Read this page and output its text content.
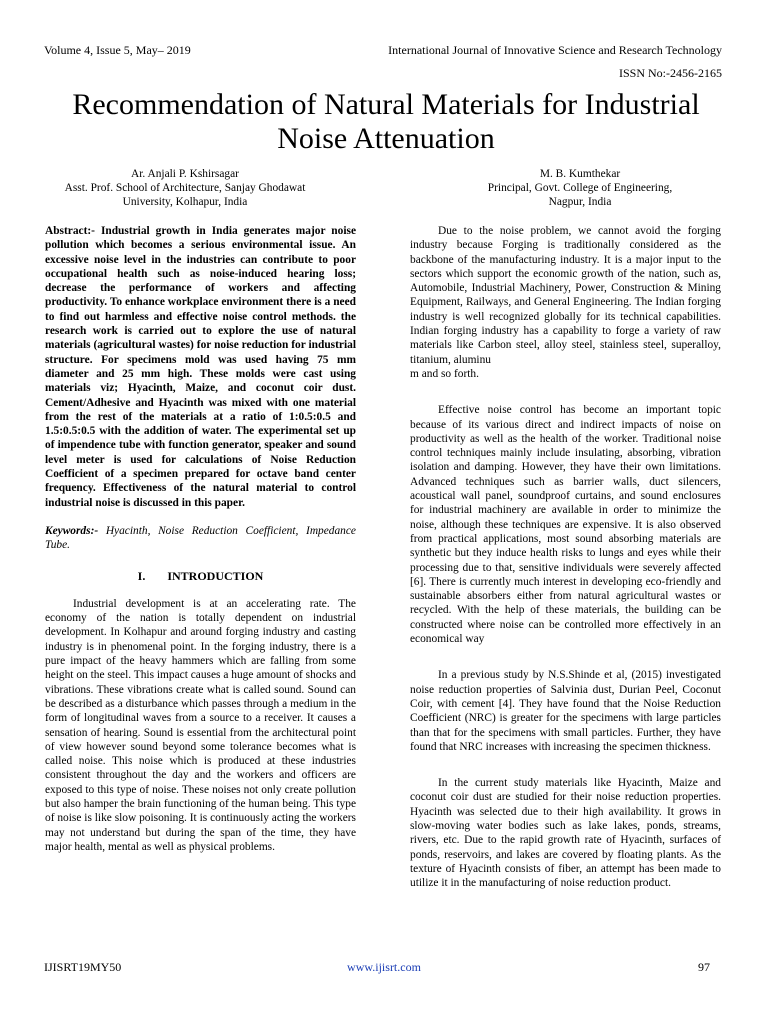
Volume 4, Issue 5, May‒ 2019	International Journal of Innovative Science and Research Technology
ISSN No:-2456-2165
Recommendation of Natural Materials for Industrial Noise Attenuation
Ar. Anjali P. Kshirsagar
Asst. Prof. School of Architecture, Sanjay Ghodawat
University, Kolhapur, India
M. B. Kumthekar
Principal, Govt. College of Engineering,
Nagpur, India

Abstract:- Industrial growth in India generates major noise pollution which becomes a serious environmental issue. An excessive noise level in the industries can contribute to poor occupational health such as noise-induced hearing loss; decrease the performance of workers and affecting productivity. To enhance workplace environment there is a need to find out harmless and effective noise control methods. the research work is carried out to explore the use of natural materials (agricultural wastes) for noise reduction for industrial structure. For specimens mold was used having 75 mm diameter and 25 mm high. These molds were cast using materials viz; Hyacinth, Maize, and coconut coir dust. Cement/Adhesive and Hyacinth was mixed with one material from the rest of the materials at a ratio of 1:0.5:0.5 and 1.5:0.5:0.5 with the addition of water. The experimental set up of impendence tube with function generator, speaker and sound level meter is used for calculations of Noise Reduction Coefficient of a specimen prepared for octave band center frequency. Effectiveness of the natural material to control industrial noise is discussed in this paper.

Keywords:- Hyacinth, Noise Reduction Coefficient, Impedance Tube.

I. INTRODUCTION

Industrial development is at an accelerating rate. The economy of the nation is totally dependent on industrial development. In Kolhapur and around forging industry and casting industry is in phenomenal point. In the forging industry, there is a pure impact of the heavy hammers which are falling from some height on the steel. This impact causes a huge amount of shocks and vibrations. These vibrations create what is called sound. Sound can be described as a disturbance which passes through a medium in the form of longitudinal waves from a source to a receiver. It causes a sensation of hearing. Sound is essential from the architectural point of view however sound beyond some tolerance becomes what is called noise. This noise which is produced at these industries consistent throughout the day and the workers and officers are exposed to this type of noise. These noises not only create pollution but also hamper the brain functioning of the human being. This type of noise is like slow poisoning. It is continuously acting the workers may not understand but during the span of the time, they have major health, mental as well as physical problems.

Due to the noise problem, we cannot avoid the forging industry because Forging is traditionally considered as the backbone of the manufacturing industry. It is a major input to the sectors which support the economic growth of the nation, such as, Automobile, Industrial Machinery, Power, Construction & Mining Equipment, Railways, and General Engineering. The Indian forging industry is well recognized globally for its technical capabilities. Indian forging industry has a capability to forge a variety of raw materials like Carbon steel, alloy steel, stainless steel, superalloy, titanium, aluminu

m and so forth.

Effective noise control has become an important topic because of its various direct and indirect impacts of noise on productivity as well as the health of the worker. Traditional noise control techniques mainly include insulating, absorbing, vibration isolation and damping. However, they have their own limitations. Advanced techniques such as barrier walls, duct silencers, acoustical wall panel, soundproof curtains, and sound enclosures for industrial machinery are available in order to minimize the noise, although these techniques are expensive. It is also observed from practical applications, most sound absorbing materials are synthetic but they induce health risks to lungs and eyes while their processing due to that, sensitive individuals were severely affected [6]. There is currently much interest in developing eco-friendly and sustainable absorbers either from natural agricultural wastes or recycled. With the help of these materials, the building can be constructed where noise can be controlled more effectively in an economical way

In a previous study by N.S.Shinde et al, (2015) investigated noise reduction properties of Salvinia dust, Durian Peel, Coconut Coir, with cement [4]. They have found that the Noise Reduction Coefficient (NRC) is greater for the specimens with large particles than that for the specimens with small particles. Further, they have found that NRC increases with increasing the specimen thickness.

In the current study materials like Hyacinth, Maize and coconut coir dust are studied for their noise reduction properties. Hyacinth was selected due to their high availability. It grows in slow-moving water bodies such as lake lakes, ponds, streams, rivers, etc. Due to the rapid growth rate of Hyacinth, surfaces of ponds, reservoirs, and lakes are covered by floating plants. As the texture of Hyacinth consists of fiber, an attempt has been made to utilize it in the manufacturing of noise reduction product.

IJISRT19MY50	www.ijisrt.com	97
